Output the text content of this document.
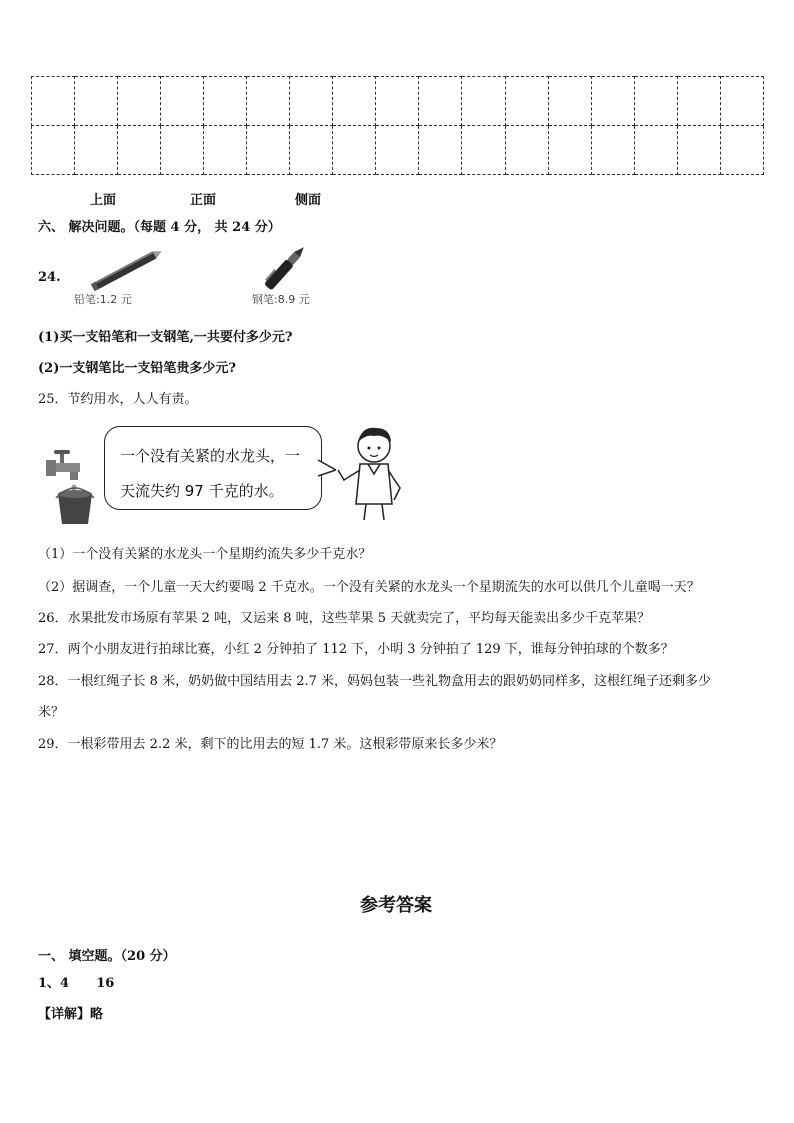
上面	正面	侧面
六、 解决问题。（每题 4 分， 共 24 分）
24.
铅笔:1.2 元	钢笔:8.9 元
(1)买一支铅笔和一支钢笔,一共要付多少元?
(2)一支钢笔比一支铅笔贵多少元?
25．节约用水，人人有责。
一个没有关紧的水龙头，一
天流失约 97 千克的水。
（1）一个没有关紧的水龙头一个星期约流失多少千克水？
（2）据调查，一个儿童一天大约要喝 2 千克水。一个没有关紧的水龙头一个星期流失的水可以供几个儿童喝一天？
26．水果批发市场原有苹果 2 吨，又运来 8 吨，这些苹果 5 天就卖完了，平均每天能卖出多少千克苹果？
27．两个小朋友进行拍球比赛，小红 2 分钟拍了 112 下，小明 3 分钟拍了 129 下，谁每分钟拍球的个数多？
28．一根红绳子长 8 米，奶奶做中国结用去 2.7 米，妈妈包装一些礼物盒用去的跟奶奶同样多，这根红绳子还剩多少
米？
29．一根彩带用去 2.2 米，剩下的比用去的短 1.7 米。这根彩带原来长多少米？
参考答案
一、 填空题。（20 分）
1、4      16
【详解】略
